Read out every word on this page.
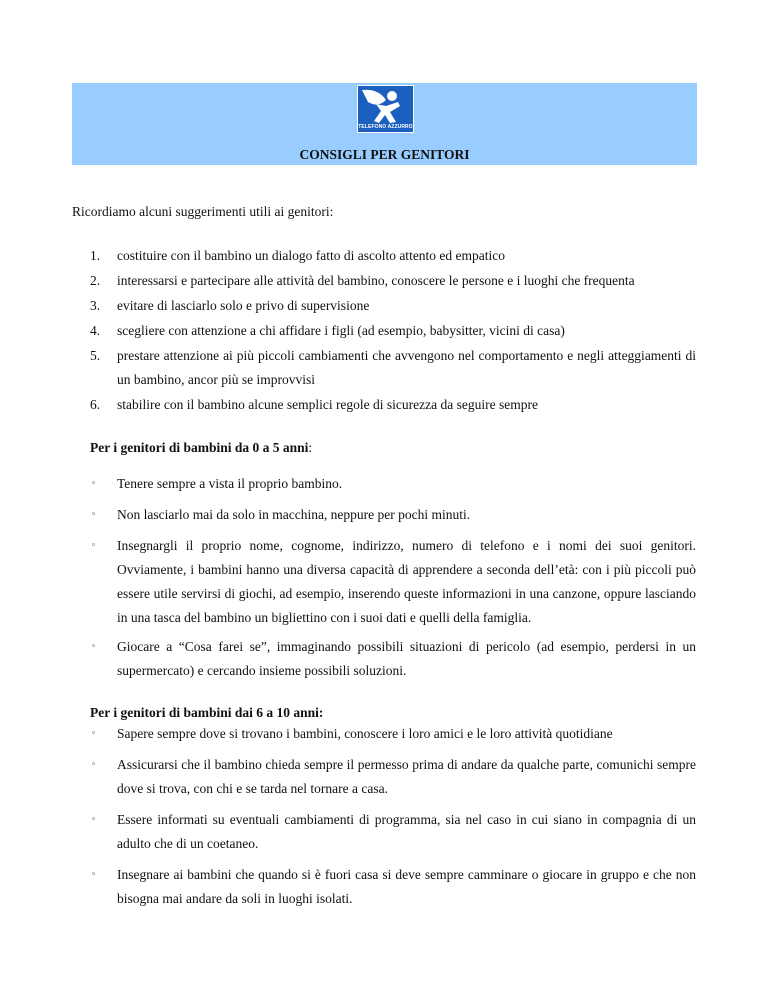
TELEFONO AZZURRO
CONSIGLI PER GENITORI
Ricordiamo alcuni suggerimenti utili ai genitori:
1. costituire con il bambino un dialogo fatto di ascolto attento ed empatico
2. interessarsi e partecipare alle attività del bambino, conoscere le persone e i luoghi che frequenta
3. evitare di lasciarlo solo e privo di supervisione
4. scegliere con attenzione a chi affidare i figli (ad esempio, babysitter, vicini di casa)
5. prestare attenzione ai più piccoli cambiamenti che avvengono nel comportamento e negli atteggiamenti di un bambino, ancor più se improvvisi
6. stabilire con il bambino alcune semplici regole di sicurezza da seguire sempre
Per i genitori di bambini da 0 a 5 anni:
◦ Tenere sempre a vista il proprio bambino.
◦ Non lasciarlo mai da solo in macchina, neppure per pochi minuti.
◦ Insegnargli il proprio nome, cognome, indirizzo, numero di telefono e i nomi dei suoi genitori. Ovviamente, i bambini hanno una diversa capacità di apprendere a seconda dell’età: con i più piccoli può essere utile servirsi di giochi, ad esempio, inserendo queste informazioni in una canzone, oppure lasciando in una tasca del bambino un bigliettino con i suoi dati e quelli della famiglia.
◦ Giocare a “Cosa farei se”, immaginando possibili situazioni di pericolo (ad esempio, perdersi in un supermercato) e cercando insieme possibili soluzioni.
Per i genitori di bambini dai 6 a 10 anni:
◦ Sapere sempre dove si trovano i bambini, conoscere i loro amici e le loro attività quotidiane
◦ Assicurarsi che il bambino chieda sempre il permesso prima di andare da qualche parte, comunichi sempre dove si trova, con chi e se tarda nel tornare a casa.
◦ Essere informati su eventuali cambiamenti di programma, sia nel caso in cui siano in compagnia di un adulto che di un coetaneo.
◦ Insegnare ai bambini che quando si è fuori casa si deve sempre camminare o giocare in gruppo e che non bisogna mai andare da soli in luoghi isolati.
